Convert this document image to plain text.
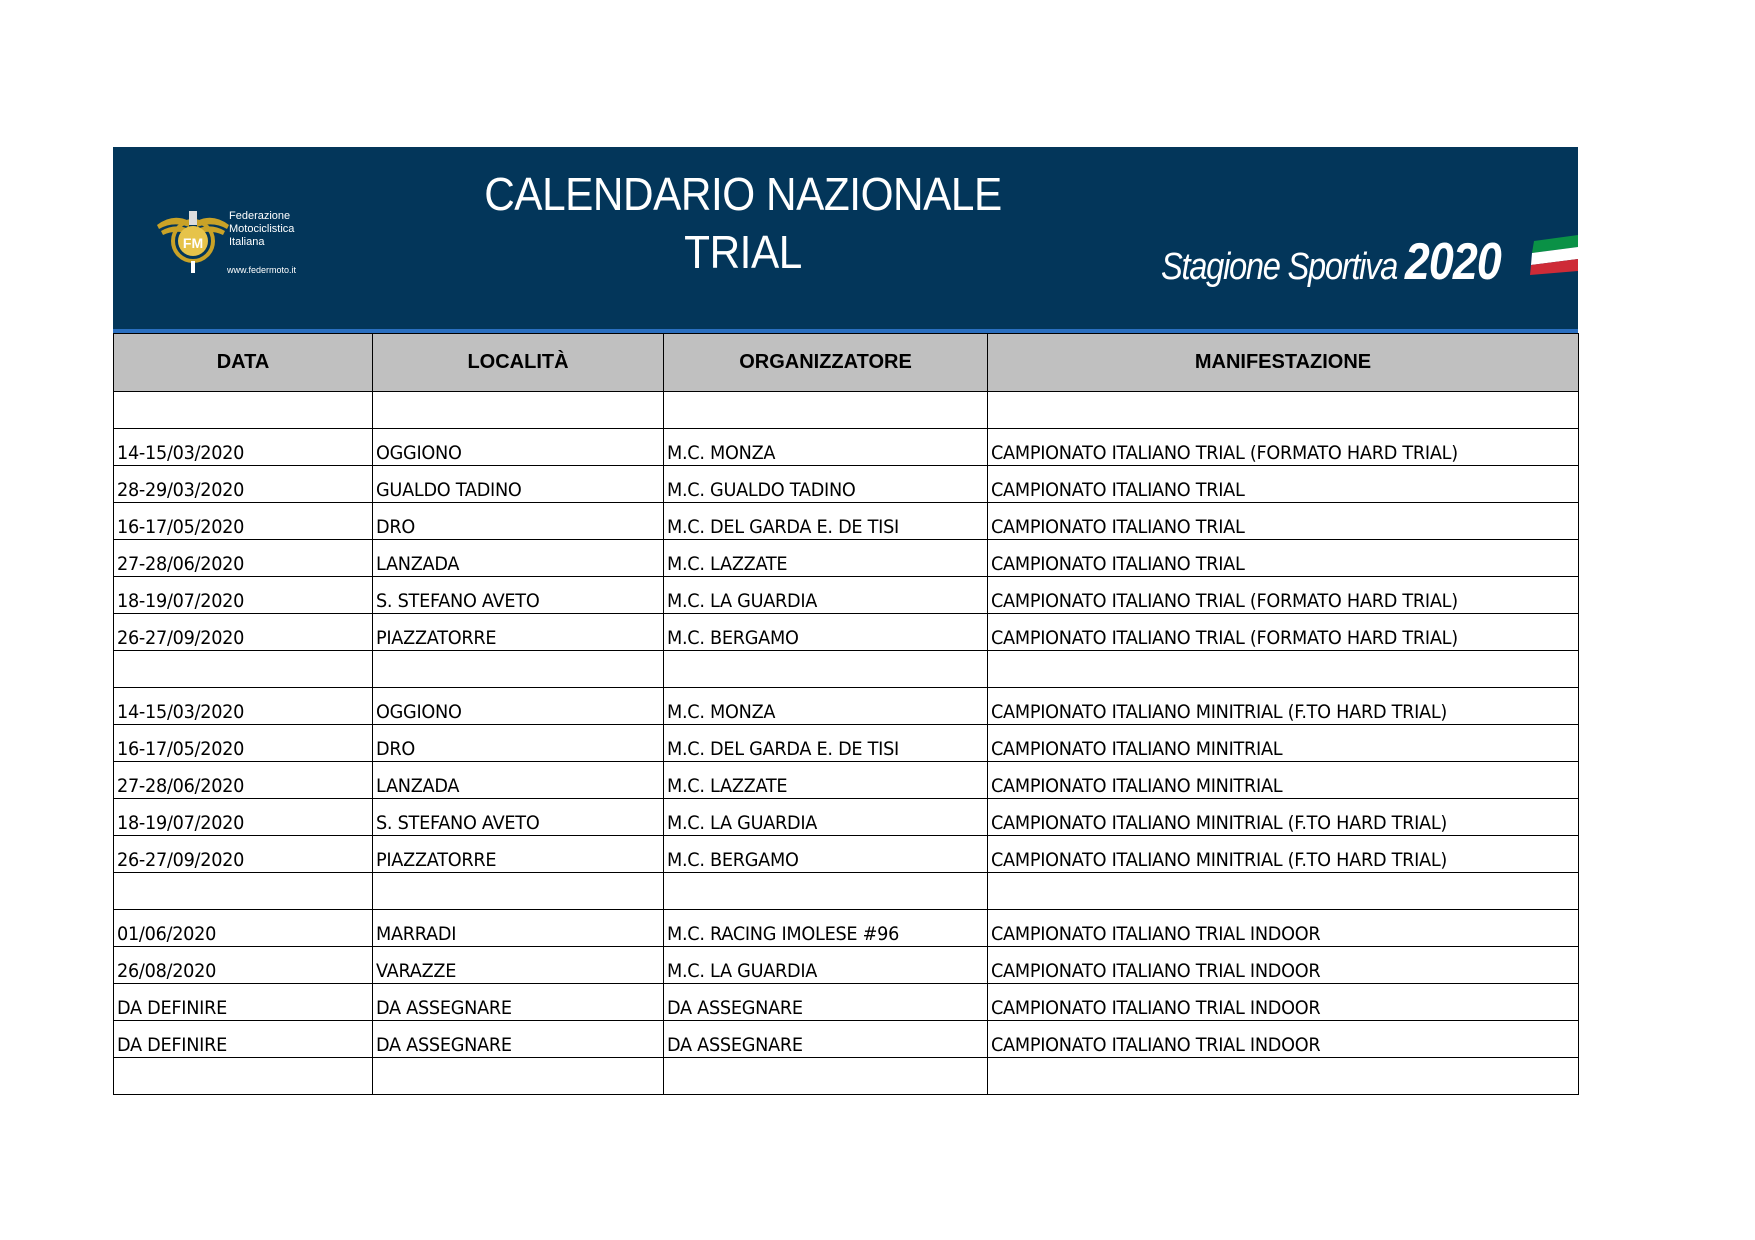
FM
Federazione
Motociclistica
Italiana
www.federmoto.it
CALENDARIO NAZIONALE
TRIAL	Stagione Sportiva 2020
DATA	LOCALITÀ	ORGANIZZATORE	MANIFESTAZIONE

14-15/03/2020	OGGIONO	M.C. MONZA	CAMPIONATO ITALIANO TRIAL (FORMATO HARD TRIAL)
28-29/03/2020	GUALDO TADINO	M.C. GUALDO TADINO	CAMPIONATO ITALIANO TRIAL
16-17/05/2020	DRO	M.C. DEL GARDA E. DE TISI	CAMPIONATO ITALIANO TRIAL
27-28/06/2020	LANZADA	M.C. LAZZATE	CAMPIONATO ITALIANO TRIAL
18-19/07/2020	S. STEFANO AVETO	M.C. LA GUARDIA	CAMPIONATO ITALIANO TRIAL (FORMATO HARD TRIAL)
26-27/09/2020	PIAZZATORRE	M.C. BERGAMO	CAMPIONATO ITALIANO TRIAL (FORMATO HARD TRIAL)

14-15/03/2020	OGGIONO	M.C. MONZA	CAMPIONATO ITALIANO MINITRIAL (F.TO HARD TRIAL)
16-17/05/2020	DRO	M.C. DEL GARDA E. DE TISI	CAMPIONATO ITALIANO MINITRIAL
27-28/06/2020	LANZADA	M.C. LAZZATE	CAMPIONATO ITALIANO MINITRIAL
18-19/07/2020	S. STEFANO AVETO	M.C. LA GUARDIA	CAMPIONATO ITALIANO MINITRIAL (F.TO HARD TRIAL)
26-27/09/2020	PIAZZATORRE	M.C. BERGAMO	CAMPIONATO ITALIANO MINITRIAL (F.TO HARD TRIAL)

01/06/2020	MARRADI	M.C. RACING IMOLESE #96	CAMPIONATO ITALIANO TRIAL INDOOR
26/08/2020	VARAZZE	M.C. LA GUARDIA	CAMPIONATO ITALIANO TRIAL INDOOR
DA DEFINIRE	DA ASSEGNARE	DA ASSEGNARE	CAMPIONATO ITALIANO TRIAL INDOOR
DA DEFINIRE	DA ASSEGNARE	DA ASSEGNARE	CAMPIONATO ITALIANO TRIAL INDOOR
